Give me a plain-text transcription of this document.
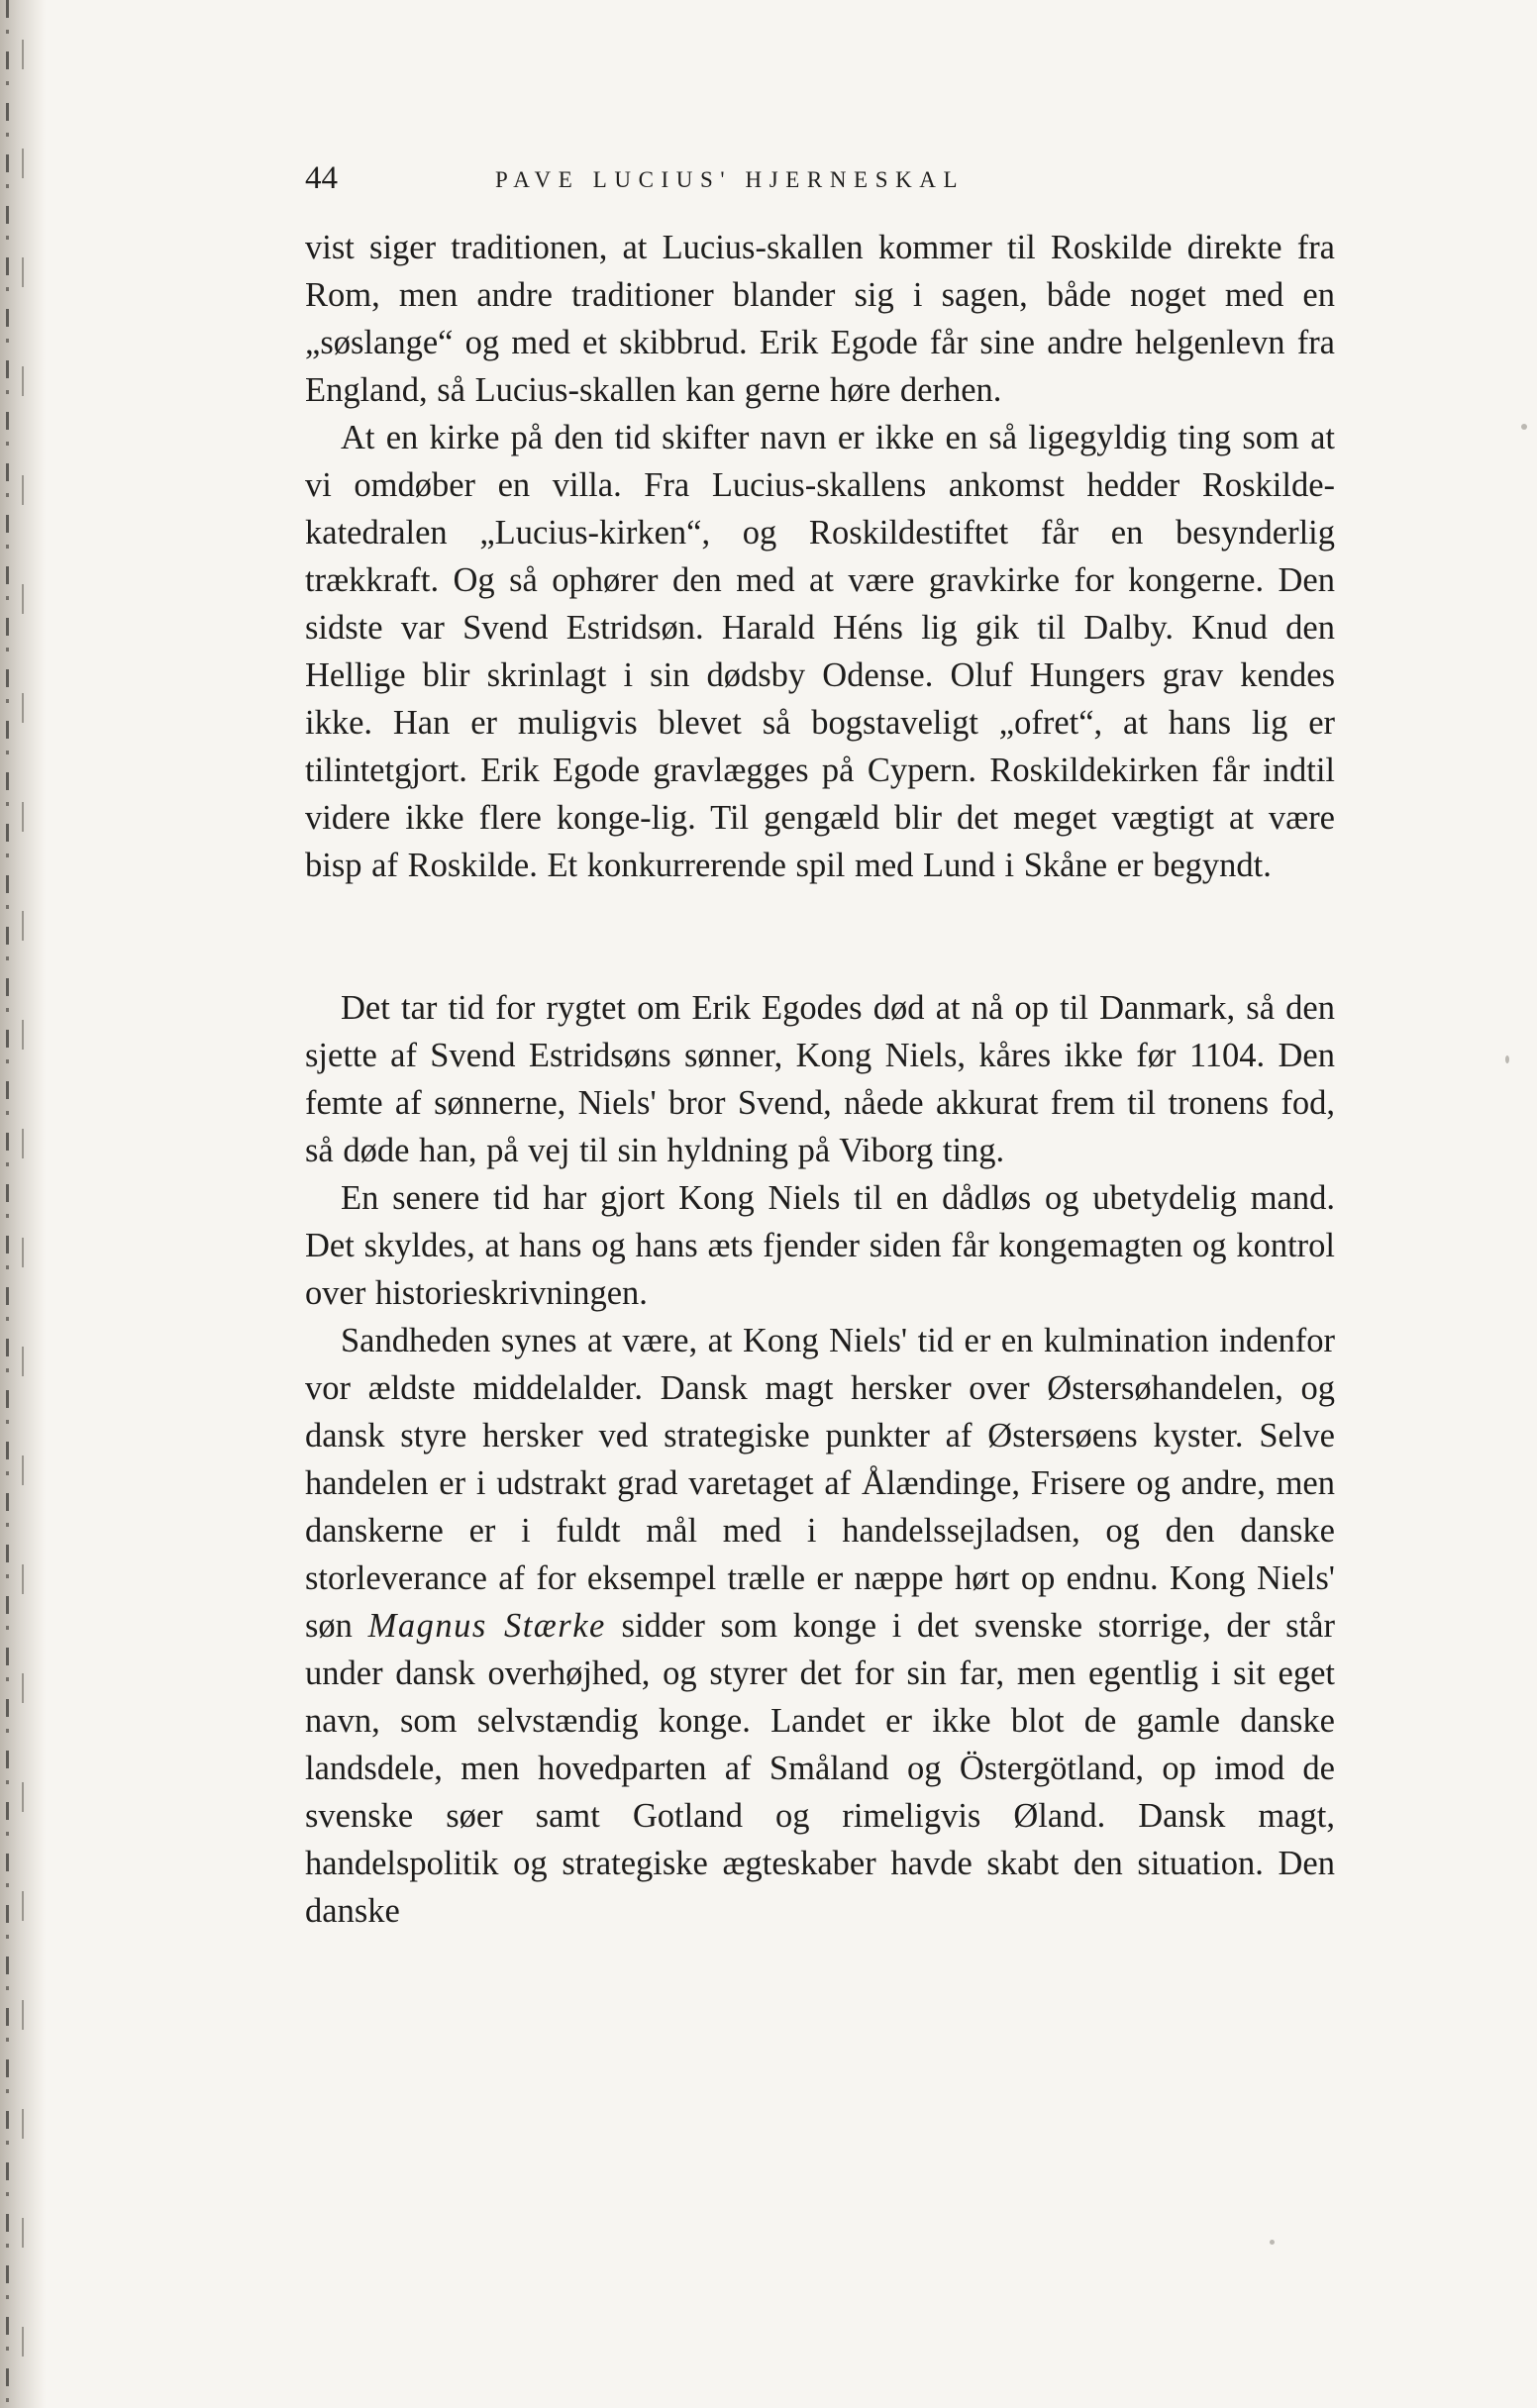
44	PAVE LUCIUS' HJERNESKAL

vist siger traditionen, at Lucius-skallen kommer til Roskilde direkte fra Rom, men andre traditioner blander sig i sagen, både noget med en „søslange“ og med et skibbrud. Erik Egode får sine andre helgenlevn fra England, så Lucius-skallen kan gerne høre derhen.

At en kirke på den tid skifter navn er ikke en så ligegyldig ting som at vi omdøber en villa. Fra Lucius-skallens ankomst hedder Roskilde-katedralen „Lucius-kirken“, og Roskildestiftet får en besynderlig trækkraft. Og så ophører den med at være gravkirke for kongerne. Den sidste var Svend Estridsøn. Harald Héns lig gik til Dalby. Knud den Hellige blir skrinlagt i sin dødsby Odense. Oluf Hungers grav kendes ikke. Han er muligvis blevet så bogstaveligt „ofret“, at hans lig er tilintetgjort. Erik Egode gravlægges på Cypern. Roskildekirken får indtil videre ikke flere konge-lig. Til gengæld blir det meget vægtigt at være bisp af Roskilde. Et konkurrerende spil med Lund i Skåne er begyndt.

Det tar tid for rygtet om Erik Egodes død at nå op til Danmark, så den sjette af Svend Estridsøns sønner, Kong Niels, kåres ikke før 1104. Den femte af sønnerne, Niels' bror Svend, nåede akkurat frem til tronens fod, så døde han, på vej til sin hyldning på Viborg ting.

En senere tid har gjort Kong Niels til en dådløs og ubetydelig mand. Det skyldes, at hans og hans æts fjender siden får kongemagten og kontrol over historieskrivningen.

Sandheden synes at være, at Kong Niels' tid er en kulmination indenfor vor ældste middelalder. Dansk magt hersker over Østersøhandelen, og dansk styre hersker ved strategiske punkter af Østersøens kyster. Selve handelen er i udstrakt grad varetaget af Ålændinge, Frisere og andre, men danskerne er i fuldt mål med i handelssejladsen, og den danske storleverance af for eksempel trælle er næppe hørt op endnu. Kong Niels' søn Magnus Stærke sidder som konge i det svenske storrige, der står under dansk overhøjhed, og styrer det for sin far, men egentlig i sit eget navn, som selvstændig konge. Landet er ikke blot de gamle danske landsdele, men hovedparten af Småland og Östergötland, op imod de svenske søer samt Gotland og rimeligvis Øland. Dansk magt, handelspolitik og strategiske ægteskaber havde skabt den situation. Den danske
